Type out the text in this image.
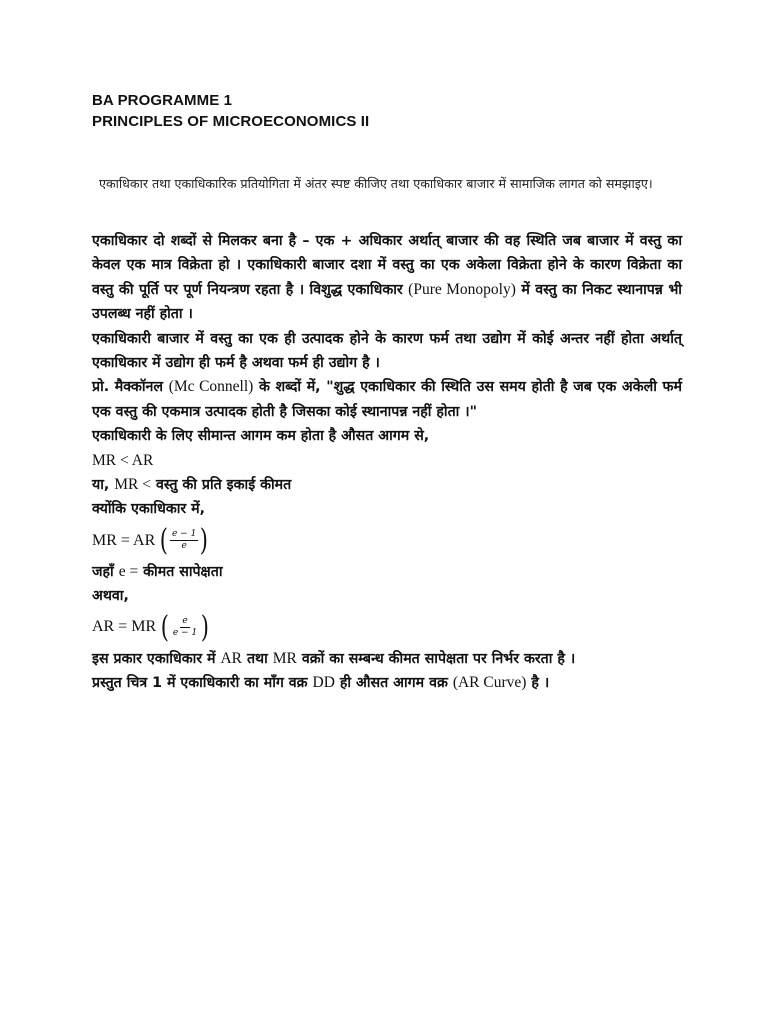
BA PROGRAMME 1
PRINCIPLES OF MICROECONOMICS II
एकाधिकार तथा एकाधिकारिक प्रतियोगिता में अंतर स्पष्ट कीजिए तथा एकाधिकार बाजार में सामाजिक लागत को समझाइए।

एकाधिकार दो शब्दों से मिलकर बना है – एक + अधिकार अर्थात् बाजार की वह स्थिति जब बाजार में वस्तु का केवल एक मात्र विक्रेता हो । एकाधिकारी बाजार दशा में वस्तु का एक अकेला विक्रेता होने के कारण विक्रेता का वस्तु की पूर्ति पर पूर्ण नियन्त्रण रहता है । विशुद्ध एकाधिकार (Pure Monopoly) में वस्तु का निकट स्थानापन्न भी उपलब्ध नहीं होता ।

एकाधिकारी बाजार में वस्तु का एक ही उत्पादक होने के कारण फर्म तथा उद्योग में कोई अन्तर नहीं होता अर्थात् एकाधिकार में उद्योग ही फर्म है अथवा फर्म ही उद्योग है ।

प्रो. मैक्कॉनल (Mc Connell) के शब्दों में, "शुद्ध एकाधिकार की स्थिति उस समय होती है जब एक अकेली फर्म एक वस्तु की एकमात्र उत्पादक होती है जिसका कोई स्थानापन्न नहीं होता ।"

एकाधिकारी के लिए सीमान्त आगम कम होता है औसत आगम से,
MR < AR
या, MR < वस्तु की प्रति इकाई कीमत
क्योंकि एकाधिकार में,
MR = AR ( $\frac{e - 1}{e}$ )
जहाँ e = कीमत सापेक्षता
अथवा,
AR = MR ( $\frac{e}{e - 1}$ )

इस प्रकार एकाधिकार में AR तथा MR वक्रों का सम्बन्ध कीमत सापेक्षता पर निर्भर करता है ।

प्रस्तुत चित्र 1 में एकाधिकारी का माँग वक्र DD ही औसत आगम वक्र (AR Curve) है ।
